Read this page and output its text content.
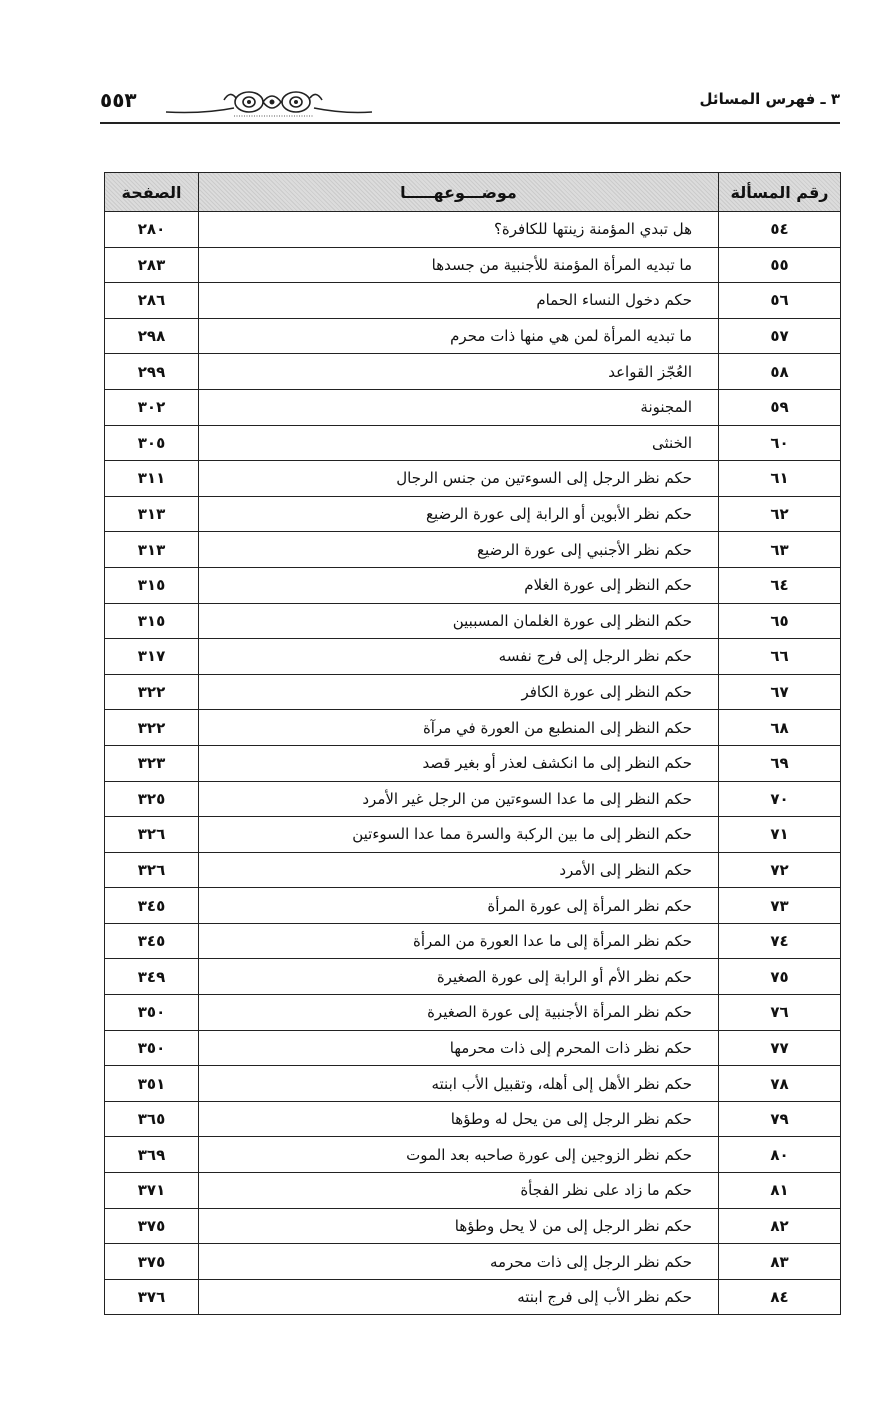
٣ ـ فهرس المسائل
٥٥٣
رقم المسألة	موضـــوعهـــــا	الصفحة
٥٤	هل تبدي المؤمنة زينتها للكافرة؟	٢٨٠
٥٥	ما تبديه المرأة المؤمنة للأجنبية من جسدها	٢٨٣
٥٦	حكم دخول النساء الحمام	٢٨٦
٥٧	ما تبديه المرأة لمن هي منها ذات محرم	٢٩٨
٥٨	العُجّز القواعد	٢٩٩
٥٩	المجنونة	٣٠٢
٦٠	الخنثى	٣٠٥
٦١	حكم نظر الرجل إلى السوءتين من جنس الرجال	٣١١
٦٢	حكم نظر الأبوين أو الرابة إلى عورة الرضيع	٣١٣
٦٣	حكم نظر الأجنبي إلى عورة الرضيع	٣١٣
٦٤	حكم النظر إلى عورة الغلام	٣١٥
٦٥	حكم النظر إلى عورة الغلمان المسببين	٣١٥
٦٦	حكم نظر الرجل إلى فرج نفسه	٣١٧
٦٧	حكم النظر إلى عورة الكافر	٣٢٢
٦٨	حكم النظر إلى المنطبع من العورة في مرآة	٣٢٢
٦٩	حكم النظر إلى ما انكشف لعذر أو بغير قصد	٣٢٣
٧٠	حكم النظر إلى ما عدا السوءتين من الرجل غير الأمرد	٣٢٥
٧١	حكم النظر إلى ما بين الركبة والسرة مما عدا السوءتين	٣٢٦
٧٢	حكم النظر إلى الأمرد	٣٢٦
٧٣	حكم نظر المرأة إلى عورة المرأة	٣٤٥
٧٤	حكم نظر المرأة إلى ما عدا العورة من المرأة	٣٤٥
٧٥	حكم نظر الأم أو الرابة إلى عورة الصغيرة	٣٤٩
٧٦	حكم نظر المرأة الأجنبية إلى عورة الصغيرة	٣٥٠
٧٧	حكم نظر ذات المحرم إلى ذات محرمها	٣٥٠
٧٨	حكم نظر الأهل إلى أهله، وتقبيل الأب ابنته	٣٥١
٧٩	حكم نظر الرجل إلى من يحل له وطؤها	٣٦٥
٨٠	حكم نظر الزوجين إلى عورة صاحبه بعد الموت	٣٦٩
٨١	حكم ما زاد على نظر الفجأة	٣٧١
٨٢	حكم نظر الرجل إلى من لا يحل وطؤها	٣٧٥
٨٣	حكم نظر الرجل إلى ذات محرمه	٣٧٥
٨٤	حكم نظر الأب إلى فرج ابنته	٣٧٦
